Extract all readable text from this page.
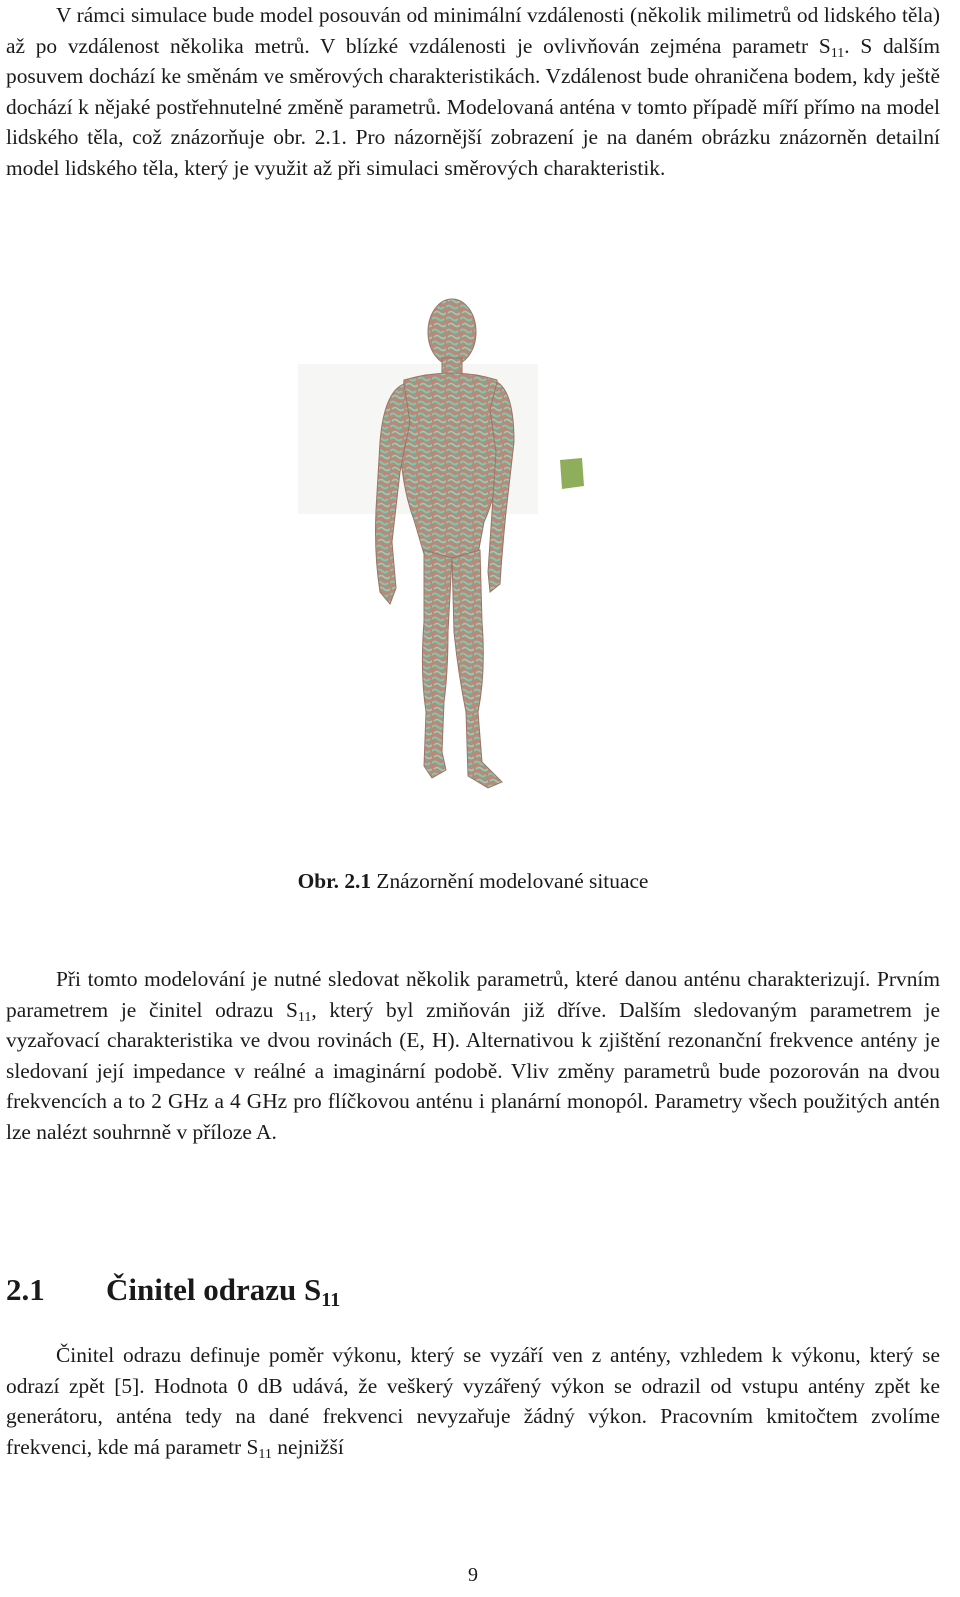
V rámci simulace bude model posouván od minimální vzdálenosti (několik milimetrů od lidského těla) až po vzdálenost několika metrů. V blízké vzdálenosti je ovlivňován zejména parametr $S_{11}$. S dalším posuvem dochází ke směnám ve směrových charakteristikách. Vzdálenost bude ohraničena bodem, kdy ještě dochází k nějaké postřehnutelné změně parametrů. Modelovaná anténa v tomto případě míří přímo na model lidského těla, což znázorňuje obr. 2.1. Pro názornější zobrazení je na daném obrázku znázorněn detailní model lidského těla, který je využit až při simulaci směrových charakteristik.

Obr. 2.1 Znázornění modelované situace

Při tomto modelování je nutné sledovat několik parametrů, které danou anténu charakterizují. Prvním parametrem je činitel odrazu $S_{11}$, který byl zmiňován již dříve. Dalším sledovaným parametrem je vyzařovací charakteristika ve dvou rovinách (E, H). Alternativou k zjištění rezonanční frekvence antény je sledovaní její impedance v reálné a imaginární podobě. Vliv změny parametrů bude pozorován na dvou frekvencích a to 2 GHz a 4 GHz pro flíčkovou anténu i planární monopól. Parametry všech použitých antén lze nalézt souhrnně v příloze A.

2.1 Činitel odrazu $S_{11}$

Činitel odrazu definuje poměr výkonu, který se vyzáří ven z antény, vzhledem k výkonu, který se odrazí zpět [5]. Hodnota 0 dB udává, že veškerý vyzářený výkon se odrazil od vstupu antény zpět ke generátoru, anténa tedy na dané frekvenci nevyzařuje žádný výkon. Pracovním kmitočtem zvolíme frekvenci, kde má parametr $S_{11}$ nejnižší

9
